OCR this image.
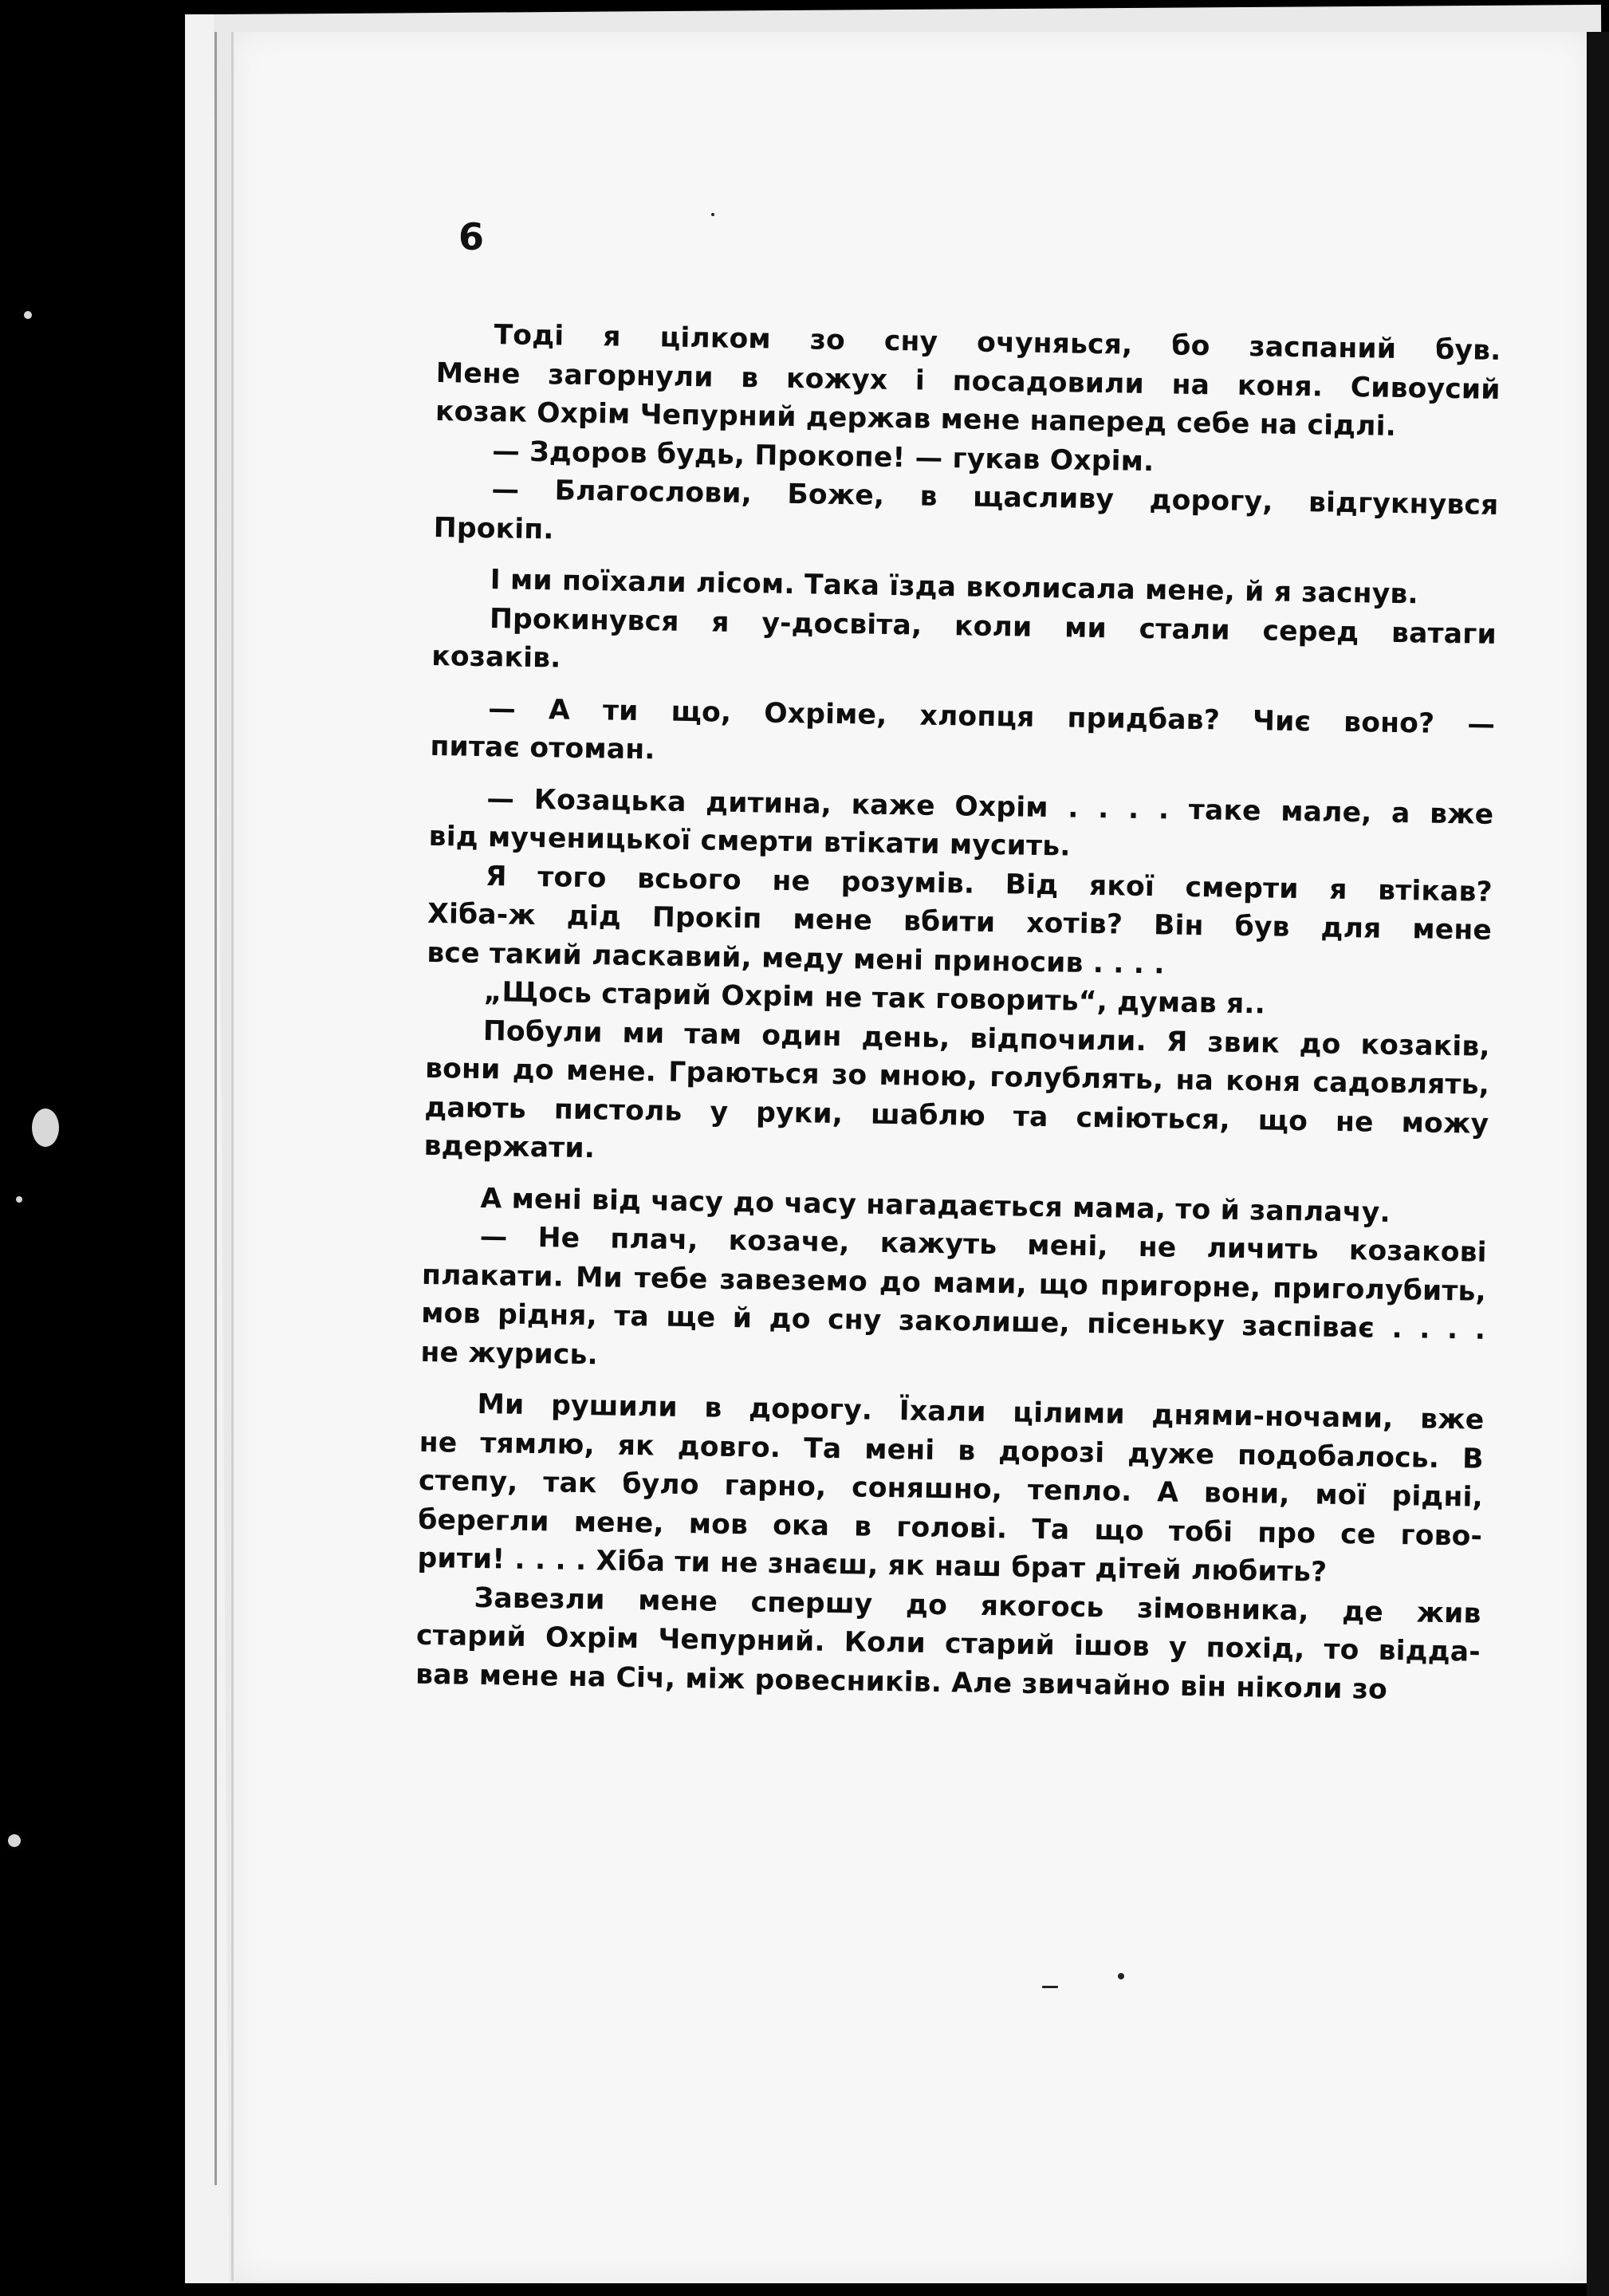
6
Тоді я цілком зо сну очуняься, бо заспаний був.
Мене загорнули в кожух і посадовили на коня. Сивоусий
козак Охрім Чепурний держав мене наперед себе на сідлі.
— Здоров будь, Прокопе! — гукав Охрім.
— Благослови, Боже, в щасливу дорогу, відгукнувся
Прокіп.
І ми поїхали лісом. Така їзда вколисала мене, й я заснув.
Прокинувся я у-досвіта, коли ми стали серед ватаги
козаків.
— А ти що, Охріме, хлопця придбав? Чиє воно? —
питає отоман.
— Козацька дитина, каже Охрім . . . . таке мале, а вже
від мученицької смерти втікати мусить.
Я того всього не розумів. Від якої смерти я втікав?
Хіба-ж дід Прокіп мене вбити хотів? Він був для мене
все такий ласкавий, меду мені приносив . . . .
„Щось старий Охрім не так говорить“, думав я..
Побули ми там один день, відпочили. Я звик до козаків,
вони до мене. Граються зо мною, голублять, на коня садовлять,
дають пистоль у руки, шаблю та сміються, що не можу
вдержати.
А мені від часу до часу нагадається мама, то й заплачу.
— Не плач, козаче, кажуть мені, не личить козакові
плакати. Ми тебе завеземо до мами, що пригорне, приголубить,
мов рідня, та ще й до сну заколише, пісеньку заспіває . . . .
не журись.
Ми рушили в дорогу. Їхали цілими днями-ночами, вже
не тямлю, як довго. Та мені в дорозі дуже подобалось. В
степу, так було гарно, соняшно, тепло. А вони, мої рідні,
берегли мене, мов ока в голові. Та що тобі про се гово-
рити! . . . . Хіба ти не знаєш, як наш брат дітей любить?
Завезли мене спершу до якогось зімовника, де жив
старий Охрім Чепурний. Коли старий ішов у похід, то віддa-
вав мене на Січ, між ровесників. Але звичайно він ніколи зо
